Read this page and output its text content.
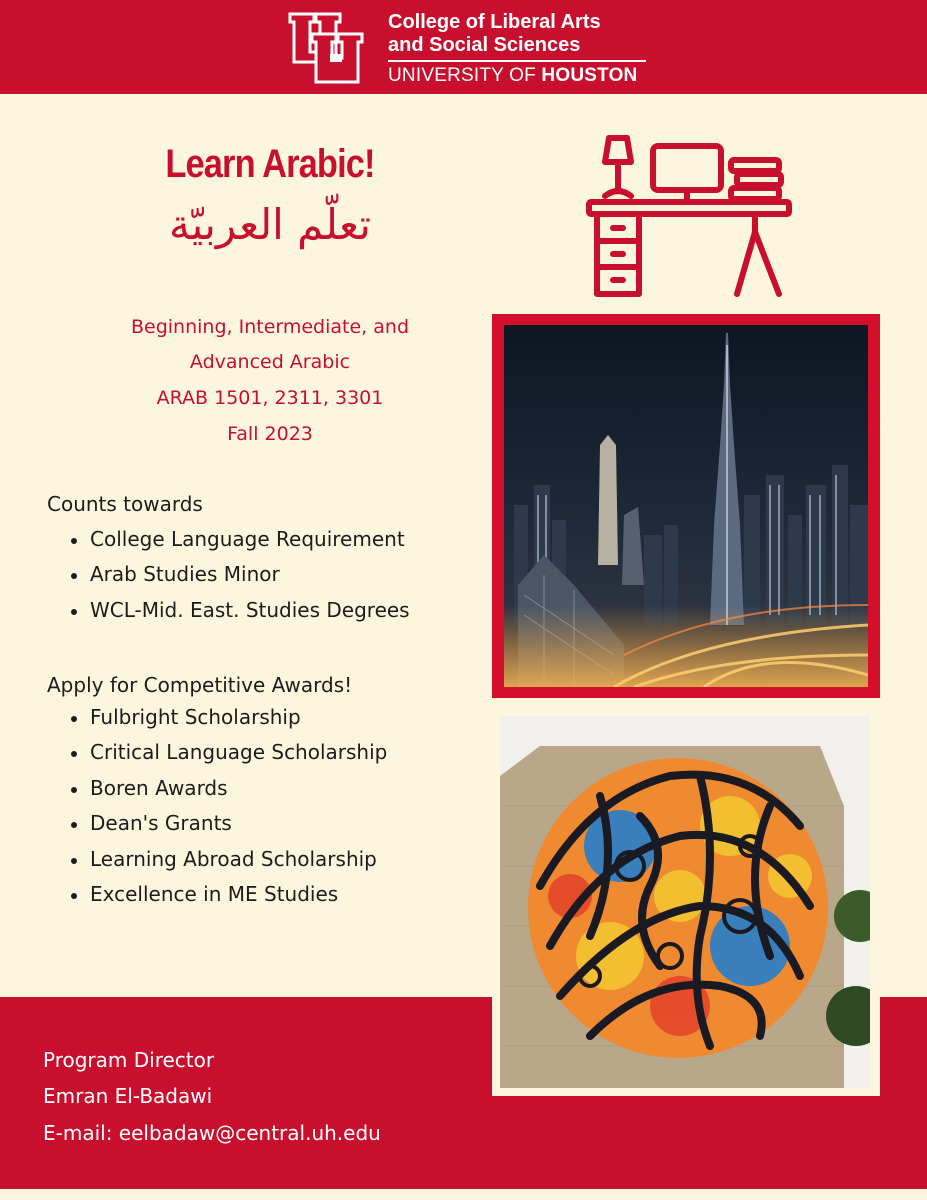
College of Liberal Arts
and Social Sciences
UNIVERSITY OF HOUSTON
Learn Arabic!
تعلّم العربيّة
Beginning, Intermediate, and
Advanced Arabic
ARAB 1501, 2311, 3301
Fall 2023
Counts towards
College Language Requirement
Arab Studies Minor
WCL-Mid. East. Studies Degrees
Apply for Competitive Awards!
Fulbright Scholarship
Critical Language Scholarship
Boren Awards
Dean's Grants
Learning Abroad Scholarship
Excellence in ME Studies
Program Director
Emran El-Badawi
E-mail: eelbadaw@central.uh.edu
